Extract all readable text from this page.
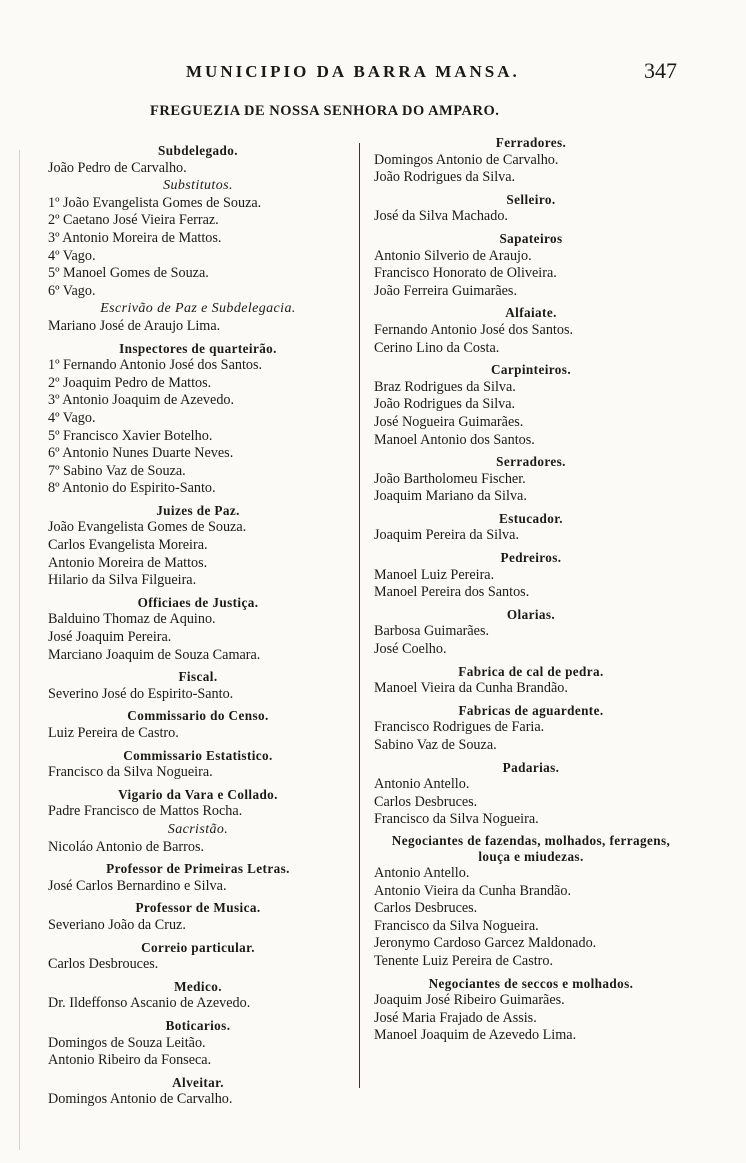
MUNICIPIO DA BARRA MANSA.	347
FREGUEZIA DE NOSSA SENHORA DO AMPARO.
Subdelegado.
João Pedro de Carvalho.
Substitutos.
1º João Evangelista Gomes de Souza.
2º Caetano José Vieira Ferraz.
3º Antonio Moreira de Mattos.
4º Vago.
5º Manoel Gomes de Souza.
6º Vago.
Escrivão de Paz e Subdelegacia.
Mariano José de Araujo Lima.
Inspectores de quarteirão.
1º Fernando Antonio José dos Santos.
2º Joaquim Pedro de Mattos.
3º Antonio Joaquim de Azevedo.
4º Vago.
5º Francisco Xavier Botelho.
6º Antonio Nunes Duarte Neves.
7º Sabino Vaz de Souza.
8º Antonio do Espirito-Santo.
Juizes de Paz.
João Evangelista Gomes de Souza.
Carlos Evangelista Moreira.
Antonio Moreira de Mattos.
Hilario da Silva Filgueira.
Officiaes de Justiça.
Balduino Thomaz de Aquino.
José Joaquim Pereira.
Marciano Joaquim de Souza Camara.
Fiscal.
Severino José do Espirito-Santo.
Commissario do Censo.
Luiz Pereira de Castro.
Commissario Estatistico.
Francisco da Silva Nogueira.
Vigario da Vara e Collado.
Padre Francisco de Mattos Rocha.
Sacristão.
Nicoláo Antonio de Barros.
Professor de Primeiras Letras.
José Carlos Bernardino e Silva.
Professor de Musica.
Severiano João da Cruz.
Correio particular.
Carlos Desbrouces.
Medico.
Dr. Ildeffonso Ascanio de Azevedo.
Boticarios.
Domingos de Souza Leitão.
Antonio Ribeiro da Fonseca.
Alveitar.
Domingos Antonio de Carvalho.
Ferradores.
Domingos Antonio de Carvalho.
João Rodrigues da Silva.
Selleiro.
José da Silva Machado.
Sapateiros
Antonio Silverio de Araujo.
Francisco Honorato de Oliveira.
João Ferreira Guimarães.
Alfaiate.
Fernando Antonio José dos Santos.
Cerino Lino da Costa.
Carpinteiros.
Braz Rodrigues da Silva.
João Rodrigues da Silva.
José Nogueira Guimarães.
Manoel Antonio dos Santos.
Serradores.
João Bartholomeu Fischer.
Joaquim Mariano da Silva.
Estucador.
Joaquim Pereira da Silva.
Pedreiros.
Manoel Luiz Pereira.
Manoel Pereira dos Santos.
Olarias.
Barbosa Guimarães.
José Coelho.
Fabrica de cal de pedra.
Manoel Vieira da Cunha Brandão.
Fabricas de aguardente.
Francisco Rodrigues de Faria.
Sabino Vaz de Souza.
Padarias.
Antonio Antello.
Carlos Desbruces.
Francisco da Silva Nogueira.
Negociantes de fazendas, molhados, ferragens, louça e miudezas.
Antonio Antello.
Antonio Vieira da Cunha Brandão.
Carlos Desbruces.
Francisco da Silva Nogueira.
Jeronymo Cardoso Garcez Maldonado.
Tenente Luiz Pereira de Castro.
Negociantes de seccos e molhados.
Joaquim José Ribeiro Guimarães.
José Maria Frajado de Assis.
Manoel Joaquim de Azevedo Lima.
